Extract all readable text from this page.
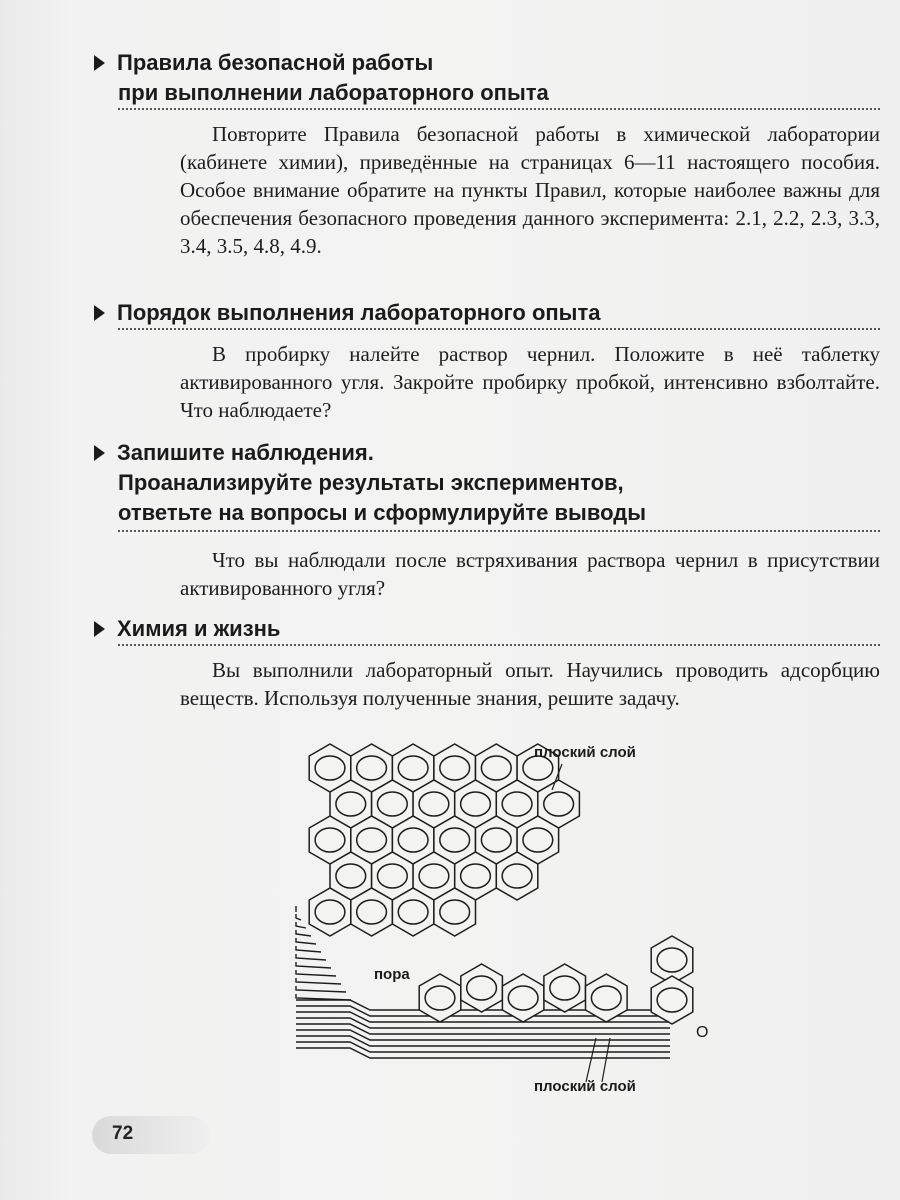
Правила безопасной работы
при выполнении лабораторного опыта
Повторите Правила безопасной работы в химической лаборатории (кабинете химии), приведённые на страницах 6—11 настоящего пособия. Особое внимание обратите на пункты Правил, которые наиболее важны для обеспечения безопасного проведения данного эксперимента: 2.1, 2.2, 2.3, 3.3, 3.4, 3.5, 4.8, 4.9.
Порядок выполнения лабораторного опыта
В пробирку налейте раствор чернил. Положите в неё таблетку активированного угля. Закройте пробирку пробкой, интенсивно взболтайте. Что наблюдаете?
Запишите наблюдения.
Проанализируйте результаты экспериментов,
ответьте на вопросы и сформулируйте выводы
Что вы наблюдали после встряхивания раствора чернил в присутствии активированного угля?
Химия и жизнь
Вы выполнили лабораторный опыт. Научились проводить адсорбцию веществ. Используя полученные знания, решите задачу.
плоский слой
пора
O
плоский слой
72
